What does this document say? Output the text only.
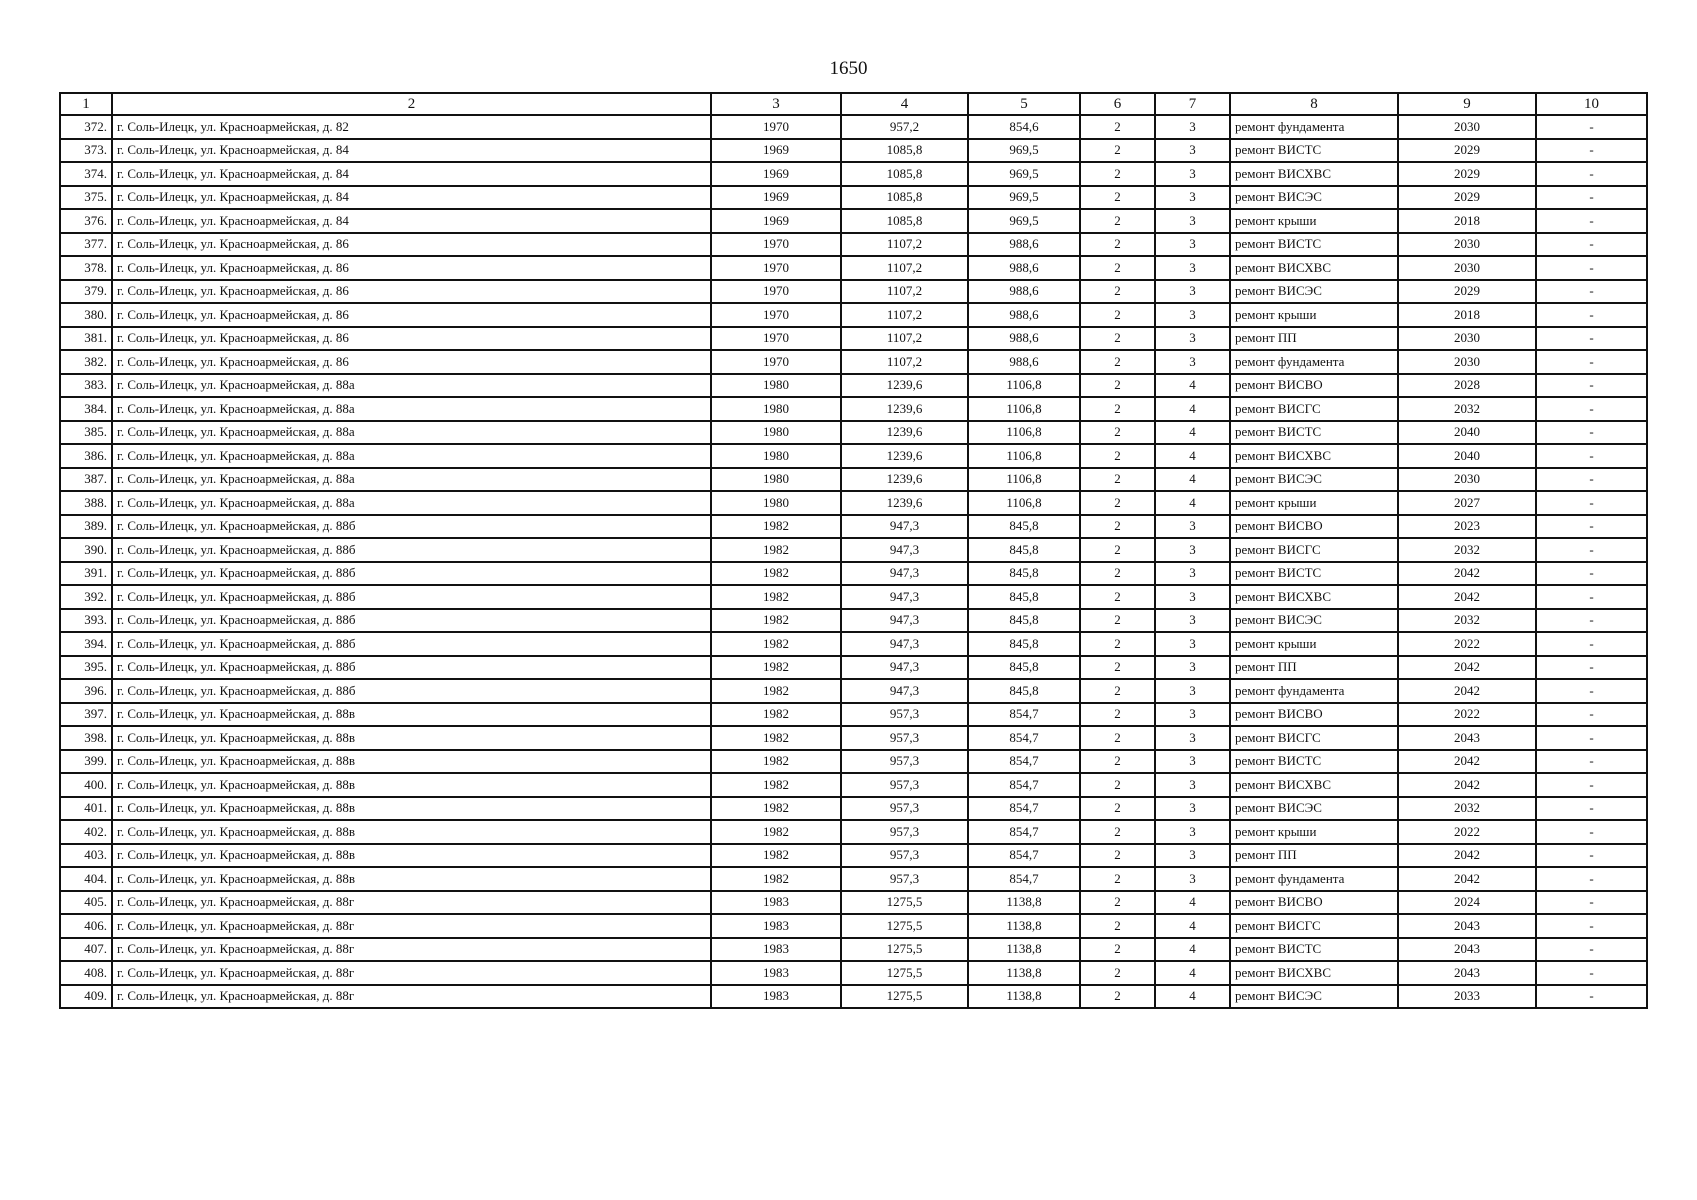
1650
1	2	3	4	5	6	7	8	9	10
372.	г. Соль-Илецк, ул. Красноармейская, д. 82	1970	957,2	854,6	2	3	ремонт фундамента	2030	-
373.	г. Соль-Илецк, ул. Красноармейская, д. 84	1969	1085,8	969,5	2	3	ремонт ВИСТС	2029	-
374.	г. Соль-Илецк, ул. Красноармейская, д. 84	1969	1085,8	969,5	2	3	ремонт ВИСХВС	2029	-
375.	г. Соль-Илецк, ул. Красноармейская, д. 84	1969	1085,8	969,5	2	3	ремонт ВИСЭС	2029	-
376.	г. Соль-Илецк, ул. Красноармейская, д. 84	1969	1085,8	969,5	2	3	ремонт крыши	2018	-
377.	г. Соль-Илецк, ул. Красноармейская, д. 86	1970	1107,2	988,6	2	3	ремонт ВИСТС	2030	-
378.	г. Соль-Илецк, ул. Красноармейская, д. 86	1970	1107,2	988,6	2	3	ремонт ВИСХВС	2030	-
379.	г. Соль-Илецк, ул. Красноармейская, д. 86	1970	1107,2	988,6	2	3	ремонт ВИСЭС	2029	-
380.	г. Соль-Илецк, ул. Красноармейская, д. 86	1970	1107,2	988,6	2	3	ремонт крыши	2018	-
381.	г. Соль-Илецк, ул. Красноармейская, д. 86	1970	1107,2	988,6	2	3	ремонт ПП	2030	-
382.	г. Соль-Илецк, ул. Красноармейская, д. 86	1970	1107,2	988,6	2	3	ремонт фундамента	2030	-
383.	г. Соль-Илецк, ул. Красноармейская, д. 88а	1980	1239,6	1106,8	2	4	ремонт ВИСВО	2028	-
384.	г. Соль-Илецк, ул. Красноармейская, д. 88а	1980	1239,6	1106,8	2	4	ремонт ВИСГС	2032	-
385.	г. Соль-Илецк, ул. Красноармейская, д. 88а	1980	1239,6	1106,8	2	4	ремонт ВИСТС	2040	-
386.	г. Соль-Илецк, ул. Красноармейская, д. 88а	1980	1239,6	1106,8	2	4	ремонт ВИСХВС	2040	-
387.	г. Соль-Илецк, ул. Красноармейская, д. 88а	1980	1239,6	1106,8	2	4	ремонт ВИСЭС	2030	-
388.	г. Соль-Илецк, ул. Красноармейская, д. 88а	1980	1239,6	1106,8	2	4	ремонт крыши	2027	-
389.	г. Соль-Илецк, ул. Красноармейская, д. 88б	1982	947,3	845,8	2	3	ремонт ВИСВО	2023	-
390.	г. Соль-Илецк, ул. Красноармейская, д. 88б	1982	947,3	845,8	2	3	ремонт ВИСГС	2032	-
391.	г. Соль-Илецк, ул. Красноармейская, д. 88б	1982	947,3	845,8	2	3	ремонт ВИСТС	2042	-
392.	г. Соль-Илецк, ул. Красноармейская, д. 88б	1982	947,3	845,8	2	3	ремонт ВИСХВС	2042	-
393.	г. Соль-Илецк, ул. Красноармейская, д. 88б	1982	947,3	845,8	2	3	ремонт ВИСЭС	2032	-
394.	г. Соль-Илецк, ул. Красноармейская, д. 88б	1982	947,3	845,8	2	3	ремонт крыши	2022	-
395.	г. Соль-Илецк, ул. Красноармейская, д. 88б	1982	947,3	845,8	2	3	ремонт ПП	2042	-
396.	г. Соль-Илецк, ул. Красноармейская, д. 88б	1982	947,3	845,8	2	3	ремонт фундамента	2042	-
397.	г. Соль-Илецк, ул. Красноармейская, д. 88в	1982	957,3	854,7	2	3	ремонт ВИСВО	2022	-
398.	г. Соль-Илецк, ул. Красноармейская, д. 88в	1982	957,3	854,7	2	3	ремонт ВИСГС	2043	-
399.	г. Соль-Илецк, ул. Красноармейская, д. 88в	1982	957,3	854,7	2	3	ремонт ВИСТС	2042	-
400.	г. Соль-Илецк, ул. Красноармейская, д. 88в	1982	957,3	854,7	2	3	ремонт ВИСХВС	2042	-
401.	г. Соль-Илецк, ул. Красноармейская, д. 88в	1982	957,3	854,7	2	3	ремонт ВИСЭС	2032	-
402.	г. Соль-Илецк, ул. Красноармейская, д. 88в	1982	957,3	854,7	2	3	ремонт крыши	2022	-
403.	г. Соль-Илецк, ул. Красноармейская, д. 88в	1982	957,3	854,7	2	3	ремонт ПП	2042	-
404.	г. Соль-Илецк, ул. Красноармейская, д. 88в	1982	957,3	854,7	2	3	ремонт фундамента	2042	-
405.	г. Соль-Илецк, ул. Красноармейская, д. 88г	1983	1275,5	1138,8	2	4	ремонт ВИСВО	2024	-
406.	г. Соль-Илецк, ул. Красноармейская, д. 88г	1983	1275,5	1138,8	2	4	ремонт ВИСГС	2043	-
407.	г. Соль-Илецк, ул. Красноармейская, д. 88г	1983	1275,5	1138,8	2	4	ремонт ВИСТС	2043	-
408.	г. Соль-Илецк, ул. Красноармейская, д. 88г	1983	1275,5	1138,8	2	4	ремонт ВИСХВС	2043	-
409.	г. Соль-Илецк, ул. Красноармейская, д. 88г	1983	1275,5	1138,8	2	4	ремонт ВИСЭС	2033	-
